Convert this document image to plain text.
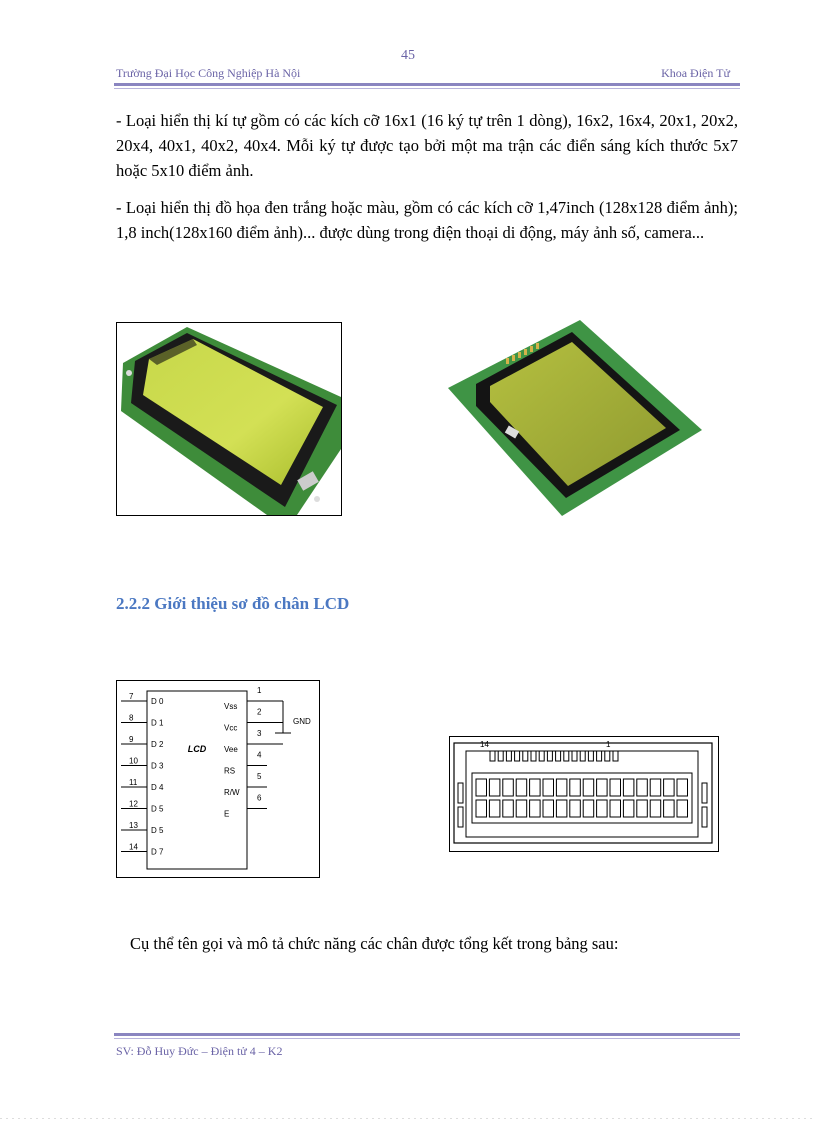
45
Trường Đại Học Công Nghiệp Hà Nội	Khoa Điện Tử
- Loại hiển thị kí tự gồm có các kích cỡ 16x1 (16 ký tự trên 1 dòng), 16x2, 16x4, 20x1, 20x2, 20x4, 40x1, 40x2, 40x4. Mỗi ký tự được tạo bởi một ma trận các điển sáng kích thước 5x7 hoặc 5x10 điểm ảnh.
- Loại hiển thị đồ họa đen trắng hoặc màu, gồm có các kích cỡ 1,47inch (128x128 điểm ảnh); 1,8 inch(128x160 điểm ảnh)... được dùng trong điện thoại di động, máy ảnh số, camera...
2.2.2 Giới thiệu sơ đồ chân LCD
LCD
7
D 0
8
D 1
9
D 2
10
D 3
11
D 4
12
D 5
13
D 5
14
D 7
1
Vss
2
Vcc
3
Vee
4
RS
5
R/W
6
E
GND
14	1
Cụ thể tên gọi và mô tả chức năng các chân được tổng kết trong bảng sau:
SV: Đỗ Huy Đức – Điện tử 4 – K2
